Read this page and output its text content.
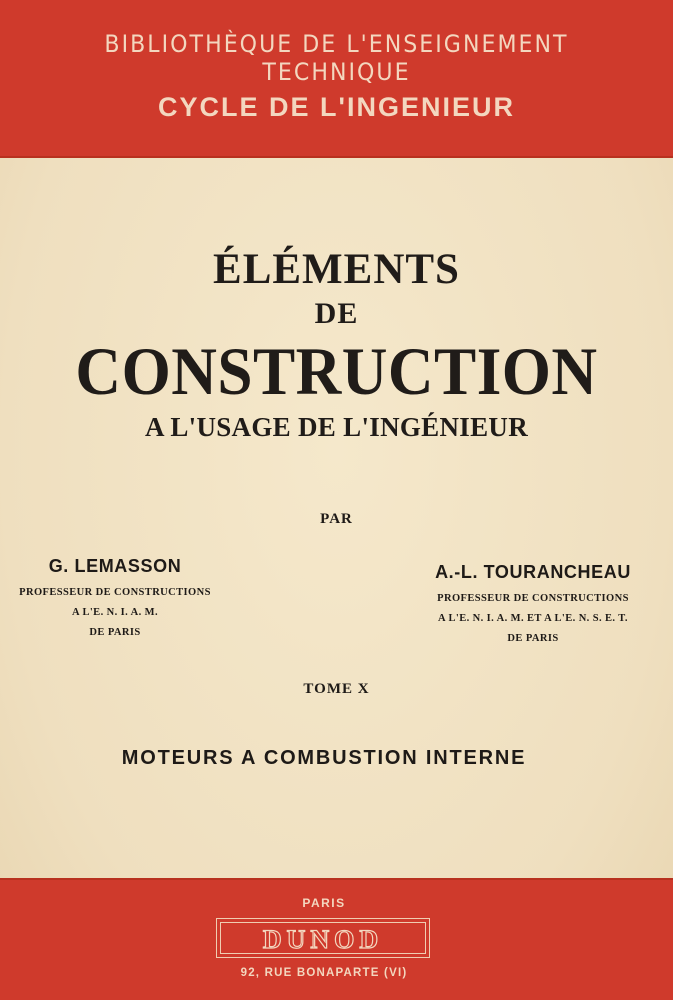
BIBLIOTHÈQUE DE L'ENSEIGNEMENT TECHNIQUE
CYCLE DE L'INGENIEUR
ÉLÉMENTS
DE
CONSTRUCTION
A L'USAGE DE L'INGÉNIEUR
PAR
G. LEMASSON
PROFESSEUR DE CONSTRUCTIONS
A L'E. N. I. A. M.
DE PARIS
A.-L. TOURANCHEAU
PROFESSEUR DE CONSTRUCTIONS
A L'E. N. I. A. M. ET A L'E. N. S. E. T.
DE PARIS
TOME X
MOTEURS A COMBUSTION INTERNE
PARIS
DUNOD
92, RUE BONAPARTE (VI)
